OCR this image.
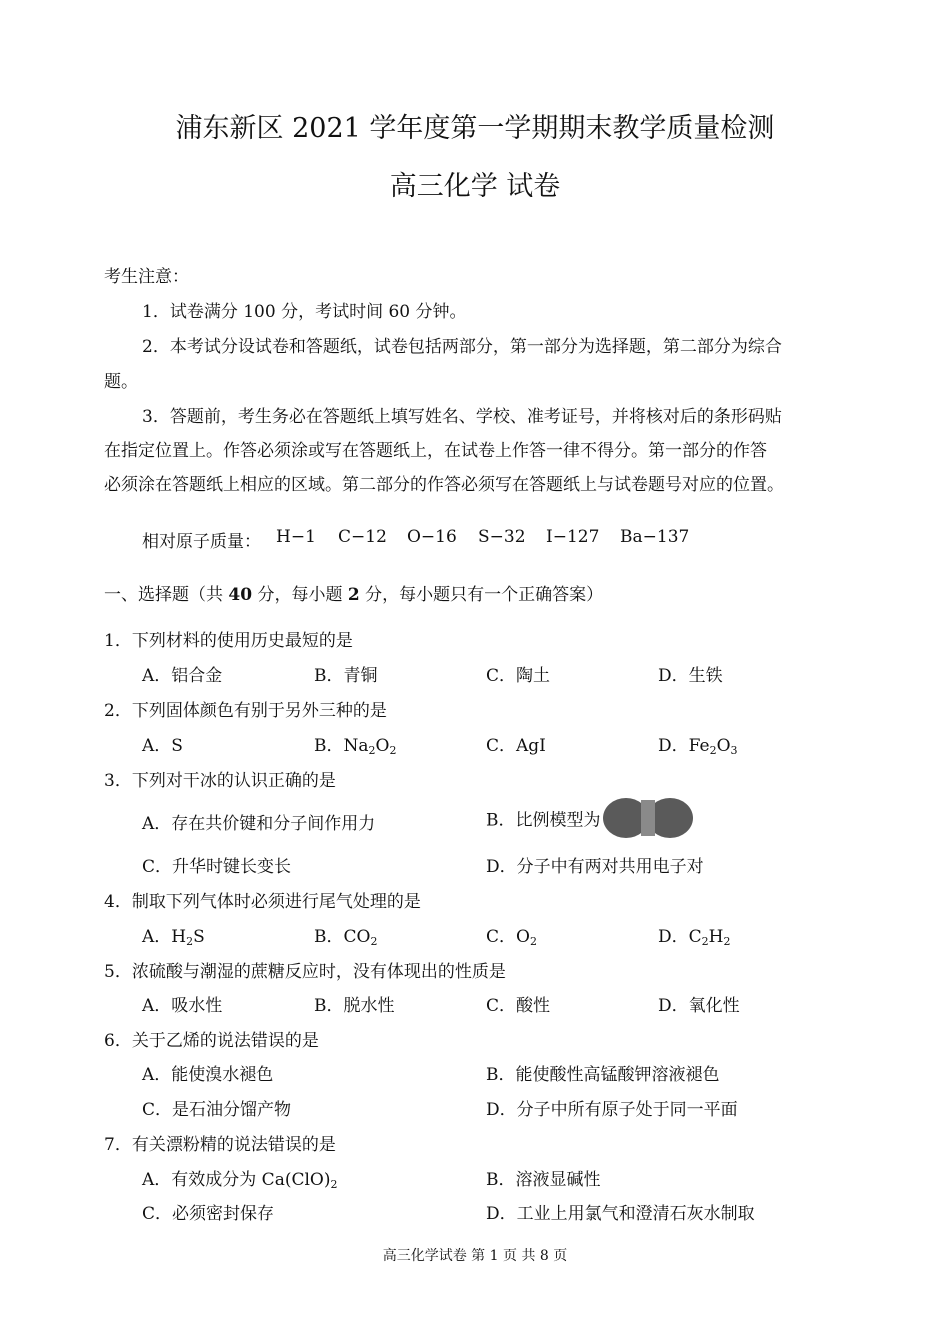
浦东新区 2021 学年度第一学期期末教学质量检测
高三化学 试卷
考生注意：
1．试卷满分 100 分，考试时间 60 分钟。
2．本考试分设试卷和答题纸，试卷包括两部分，第一部分为选择题，第二部分为综合
题。
3．答题前，考生务必在答题纸上填写姓名、学校、准考证号，并将核对后的条形码贴
在指定位置上。作答必须涂或写在答题纸上，在试卷上作答一律不得分。第一部分的作答
必须涂在答题纸上相应的区域。第二部分的作答必须写在答题纸上与试卷题号对应的位置。
相对原子质量： H−1 C−12 O−16 S−32 I−127 Ba−137
一、选择题（共 40 分，每小题 2 分，每小题只有一个正确答案）
1．下列材料的使用历史最短的是
A．铝合金	B．青铜	C．陶土	D．生铁
2．下列固体颜色有别于另外三种的是
A．S	B．$Na_2O_2$	C．AgI	D．$Fe_2O_3$
3．下列对干冰的认识正确的是
A．存在共价键和分子间作用力	B．比例模型为
C．升华时键长变长	D．分子中有两对共用电子对
4．制取下列气体时必须进行尾气处理的是
A．$H_2S$	B．$CO_2$	C．$O_2$	D．$C_2H_2$
5．浓硫酸与潮湿的蔗糖反应时，没有体现出的性质是
A．吸水性	B．脱水性	C．酸性	D．氧化性
6．关于乙烯的说法错误的是
A．能使溴水褪色	B．能使酸性高锰酸钾溶液褪色
C．是石油分馏产物	D．分子中所有原子处于同一平面
7．有关漂粉精的说法错误的是
A．有效成分为 $Ca(ClO)_2$	B．溶液显碱性
C．必须密封保存	D．工业上用氯气和澄清石灰水制取
高三化学试卷 第 1 页 共 8 页
